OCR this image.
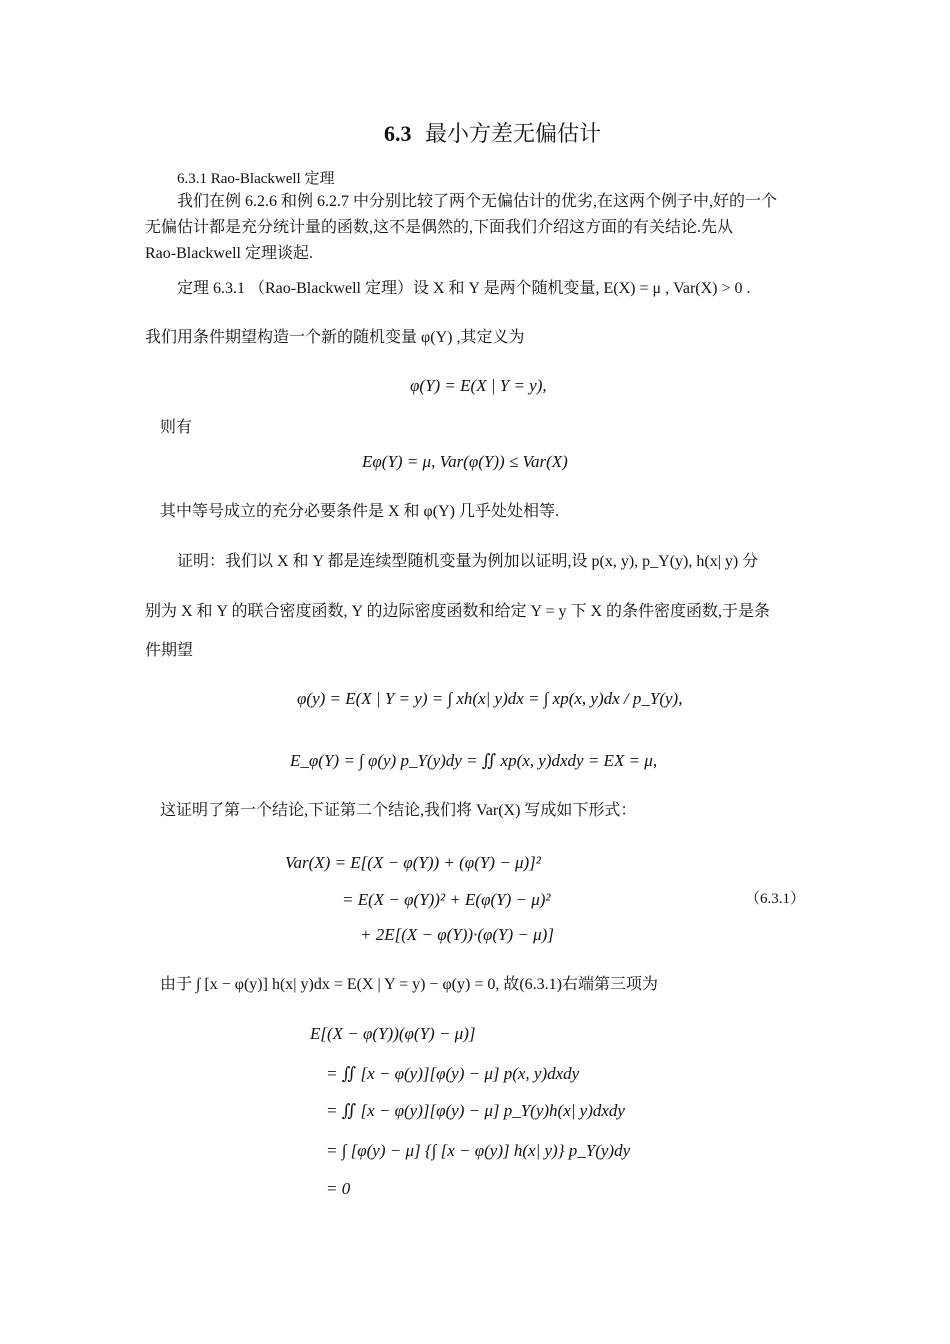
6.3 最小方差无偏估计
6.3.1 Rao-Blackwell 定理
我们在例 6.2.6 和例 6.2.7 中分别比较了两个无偏估计的优劣,在这两个例子中,好的一个
无偏估计都是充分统计量的函数,这不是偶然的,下面我们介绍这方面的有关结论.先从
Rao-Blackwell 定理谈起.
定理 6.3.1 （Rao-Blackwell 定理）设 X 和 Y 是两个随机变量, E(X) = μ , Var(X) > 0 .
我们用条件期望构造一个新的随机变量 φ(Y) ,其定义为
φ(Y) = E(X | Y = y),
则有
Eφ(Y) = μ, Var(φ(Y)) ≤ Var(X)
其中等号成立的充分必要条件是 X 和 φ(Y) 几乎处处相等.
证明：我们以 X 和 Y 都是连续型随机变量为例加以证明,设 p(x, y), p_Y(y), h(x| y) 分
别为 X 和 Y 的联合密度函数, Y 的边际密度函数和给定 Y = y 下 X 的条件密度函数,于是条
件期望
φ(y) = E(X | Y = y) = ∫ xh(x| y)dx = ∫ xp(x, y)dx / p_Y(y),
E_φ(Y) = ∫ φ(y) p_Y(y)dy = ∬ xp(x, y)dxdy = EX = μ,
这证明了第一个结论,下证第二个结论,我们将 Var(X) 写成如下形式：
Var(X) = E[(X − φ(Y)) + (φ(Y) − μ)]²
= E(X − φ(Y))² + E(φ(Y) − μ)²
+ 2E[(X − φ(Y))·(φ(Y) − μ)]
（6.3.1）
由于 ∫ [x − φ(y)] h(x| y)dx = E(X | Y = y) − φ(y) = 0, 故(6.3.1)右端第三项为
E[(X − φ(Y))(φ(Y) − μ)]
= ∬ [x − φ(y)][φ(y) − μ] p(x, y)dxdy
= ∬ [x − φ(y)][φ(y) − μ] p_Y(y)h(x| y)dxdy
= ∫ [φ(y) − μ] {∫ [x − φ(y)] h(x| y)} p_Y(y)dy
= 0
